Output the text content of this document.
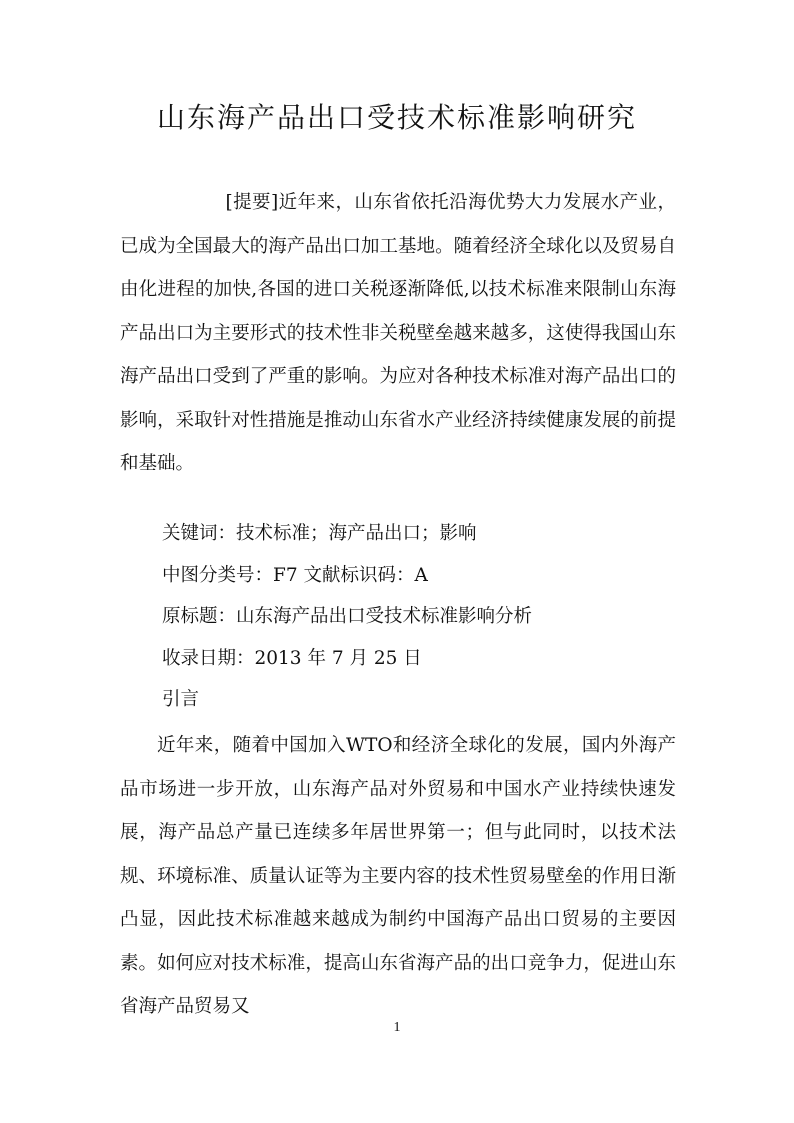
山东海产品出口受技术标准影响研究

[提要]近年来，山东省依托沿海优势大力发展水产业，已成为全国最大的海产品出口加工基地。随着经济全球化以及贸易自由化进程的加快,各国的进口关税逐渐降低,以技术标准来限制山东海产品出口为主要形式的技术性非关税壁垒越来越多，这使得我国山东海产品出口受到了严重的影响。为应对各种技术标准对海产品出口的影响，采取针对性措施是推动山东省水产业经济持续健康发展的前提和基础。

关键词：技术标准；海产品出口；影响

中图分类号：F7 文献标识码：A

原标题：山东海产品出口受技术标准影响分析

收录日期：2013 年 7 月 25 日

引言

近年来，随着中国加入WTO和经济全球化的发展，国内外海产品市场进一步开放，山东海产品对外贸易和中国水产业持续快速发展，海产品总产量已连续多年居世界第一；但与此同时，以技术法规、环境标准、质量认证等为主要内容的技术性贸易壁垒的作用日渐凸显，因此技术标准越来越成为制约中国海产品出口贸易的主要因素。如何应对技术标准，提高山东省海产品的出口竞争力，促进山东省海产品贸易又

1
